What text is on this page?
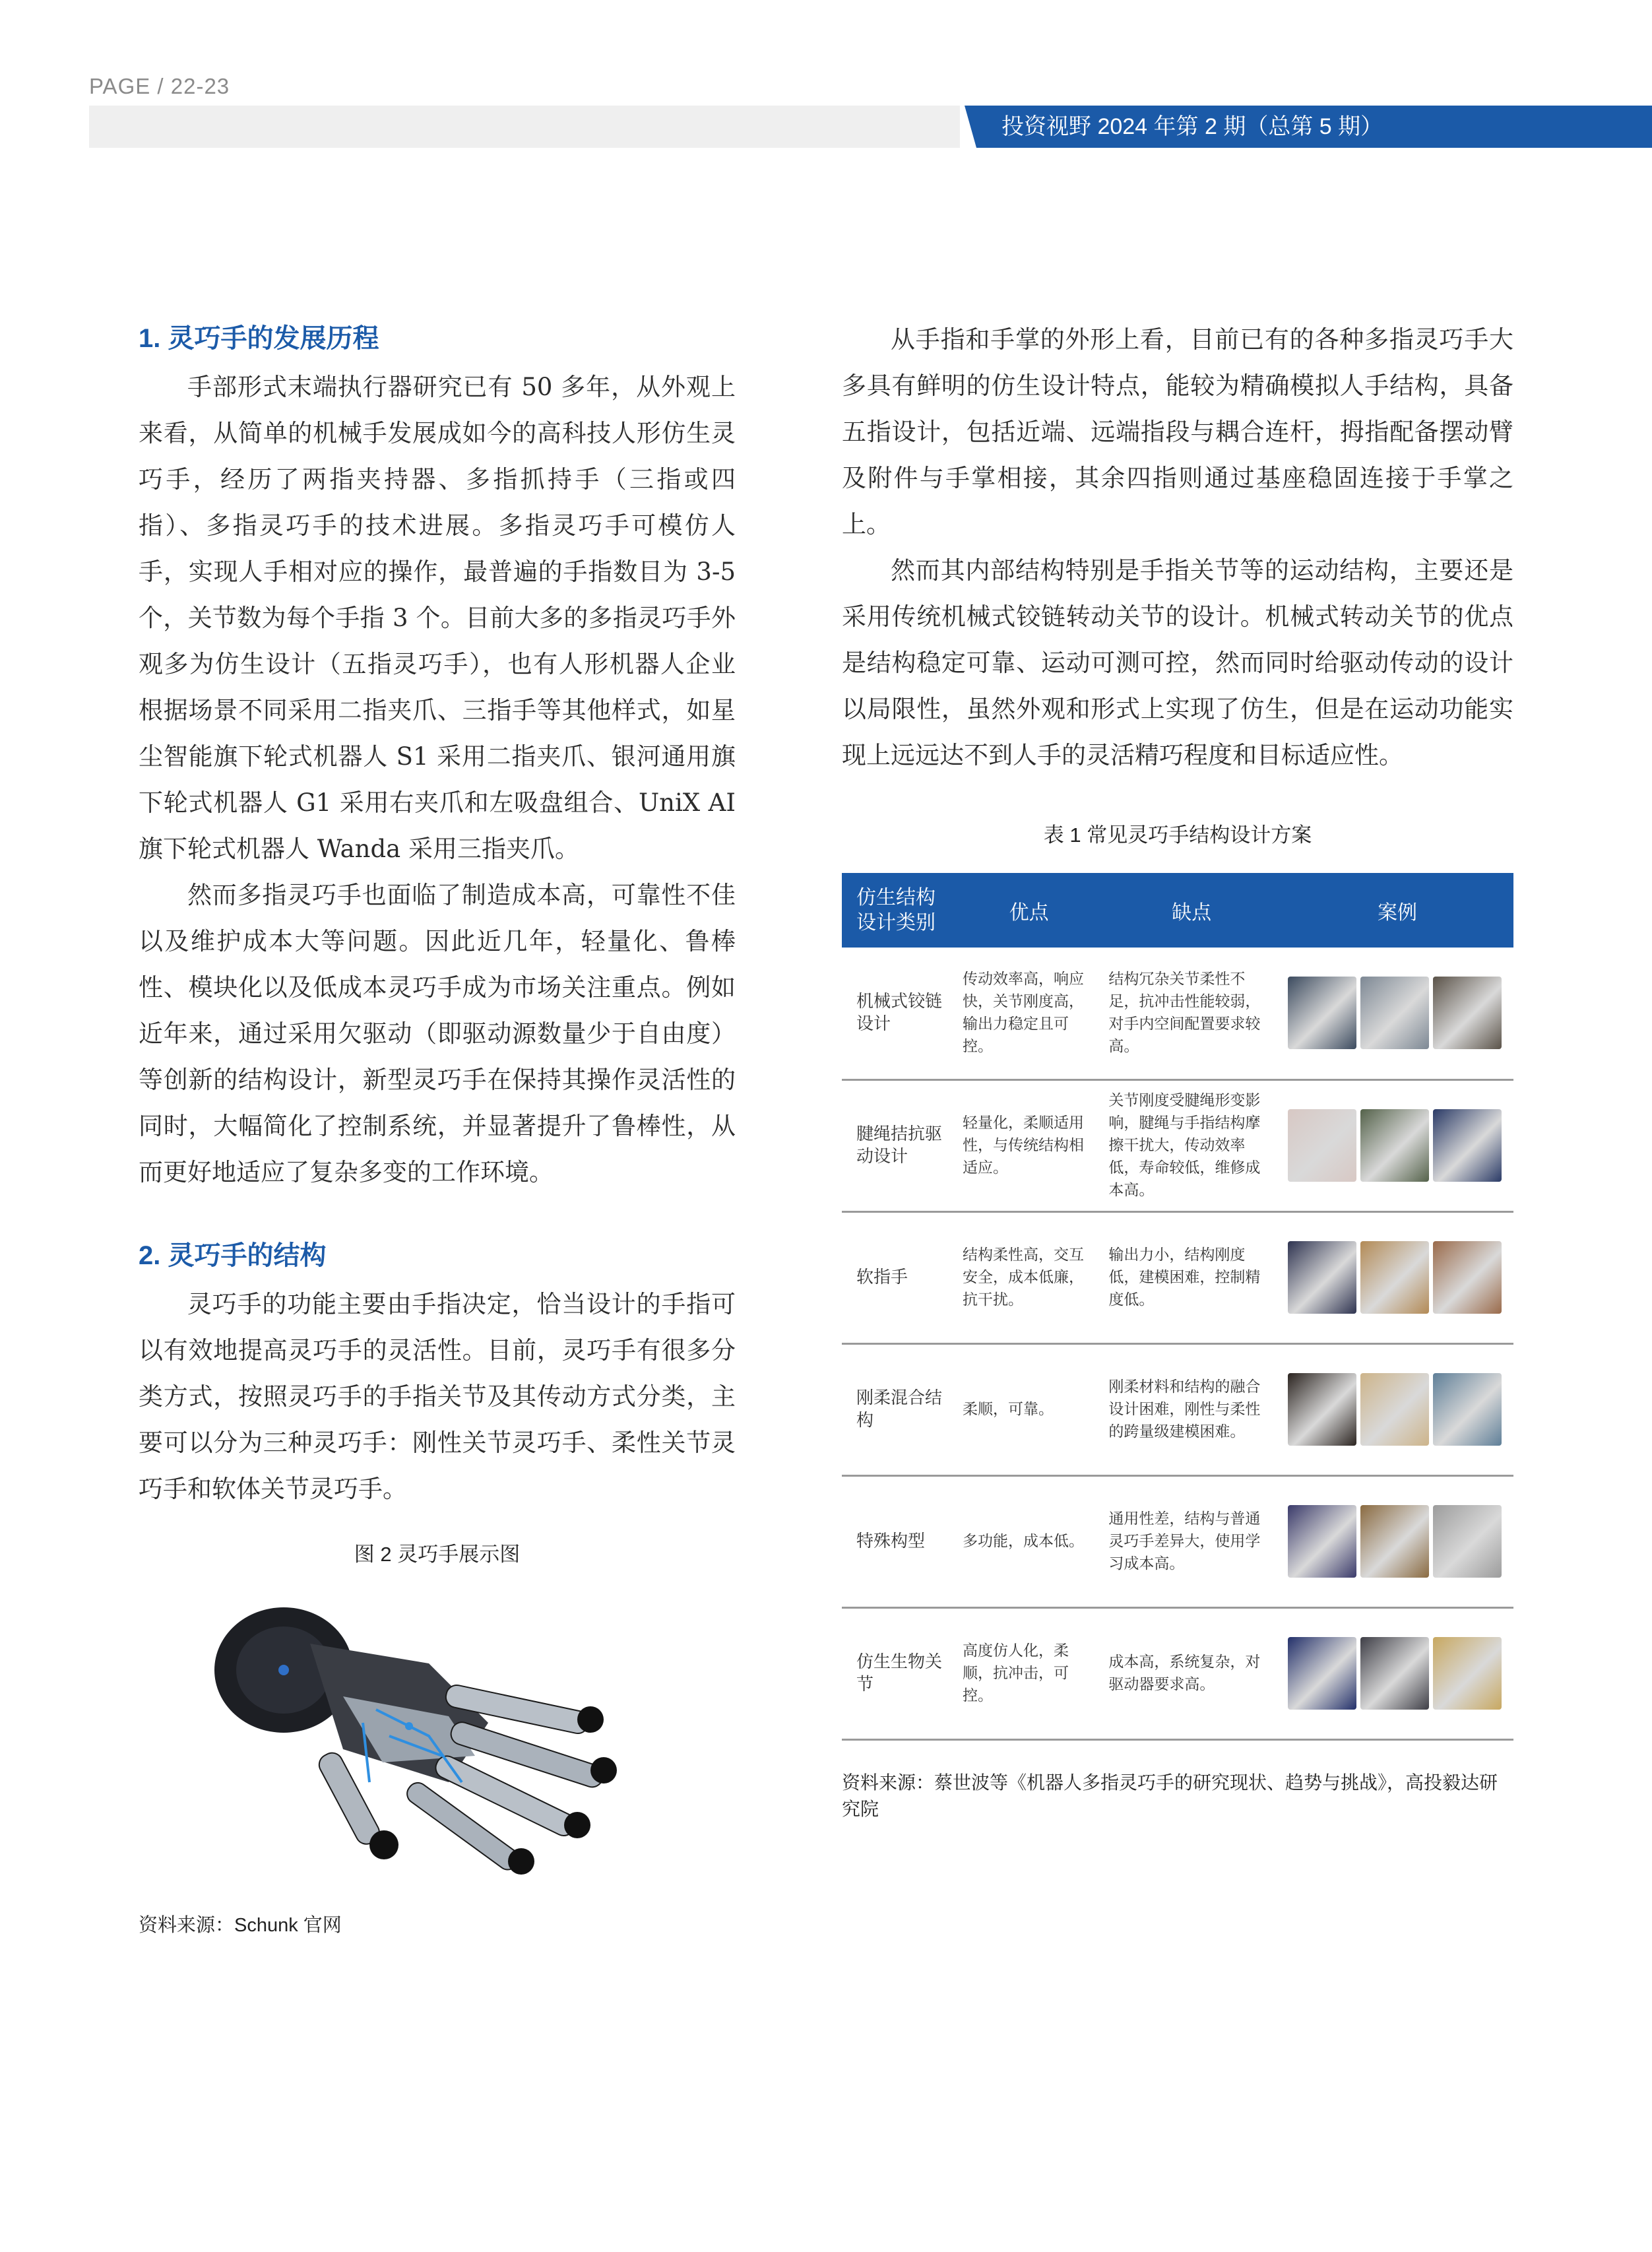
PAGE / 22-23
投资视野 2024 年第 2 期（总第 5 期）
1. 灵巧手的发展历程

手部形式末端执行器研究已有 50 多年，从外观上来看，从简单的机械手发展成如今的高科技人形仿生灵巧手，经历了两指夹持器、多指抓持手（三指或四指）、多指灵巧手的技术进展。多指灵巧手可模仿人手，实现人手相对应的操作，最普遍的手指数目为 3-5 个，关节数为每个手指 3 个。目前大多的多指灵巧手外观多为仿生设计（五指灵巧手），也有人形机器人企业根据场景不同采用二指夹爪、三指手等其他样式，如星尘智能旗下轮式机器人 S1 采用二指夹爪、银河通用旗下轮式机器人 G1 采用右夹爪和左吸盘组合、UniX AI 旗下轮式机器人 Wanda 采用三指夹爪。

然而多指灵巧手也面临了制造成本高，可靠性不佳以及维护成本大等问题。因此近几年，轻量化、鲁棒性、模块化以及低成本灵巧手成为市场关注重点。例如近年来，通过采用欠驱动（即驱动源数量少于自由度）等创新的结构设计，新型灵巧手在保持其操作灵活性的同时，大幅简化了控制系统，并显著提升了鲁棒性，从而更好地适应了复杂多变的工作环境。

2. 灵巧手的结构

灵巧手的功能主要由手指决定，恰当设计的手指可以有效地提高灵巧手的灵活性。目前，灵巧手有很多分类方式，按照灵巧手的手指关节及其传动方式分类，主要可以分为三种灵巧手：刚性关节灵巧手、柔性关节灵巧手和软体关节灵巧手。

图 2 灵巧手展示图
资料来源：Schunk 官网

从手指和手掌的外形上看，目前已有的各种多指灵巧手大多具有鲜明的仿生设计特点，能较为精确模拟人手结构，具备五指设计，包括近端、远端指段与耦合连杆，拇指配备摆动臂及附件与手掌相接，其余四指则通过基座稳固连接于手掌之上。

然而其内部结构特别是手指关节等的运动结构，主要还是采用传统机械式铰链转动关节的设计。机械式转动关节的优点是结构稳定可靠、运动可测可控，然而同时给驱动传动的设计以局限性，虽然外观和形式上实现了仿生，但是在运动功能实现上远远达不到人手的灵活精巧程度和目标适应性。

表 1 常见灵巧手结构设计方案
仿生结构设计类别	优点	缺点	案例
机械式铰链设计	传动效率高，响应快，关节刚度高，输出力稳定且可控。	结构冗杂关节柔性不足，抗冲击性能较弱，对手内空间配置要求较高。	

腱绳拮抗驱动设计	轻量化，柔顺适用性，与传统结构相适应。	关节刚度受腱绳形变影响，腱绳与手指结构摩擦干扰大，传动效率低，寿命较低，维修成本高。	

软指手	结构柔性高，交互安全，成本低廉，抗干扰。	输出力小，结构刚度低，建模困难，控制精度低。	

刚柔混合结构	柔顺，可靠。	刚柔材料和结构的融合设计困难，刚性与柔性的跨量级建模困难。	

特殊构型	多功能，成本低。	通用性差，结构与普通灵巧手差异大，使用学习成本高。	

仿生生物关节	高度仿人化，柔顺，抗冲击，可控。	成本高，系统复杂，对驱动器要求高。	
资料来源：蔡世波等《机器人多指灵巧手的研究现状、趋势与挑战》，高投毅达研究院
